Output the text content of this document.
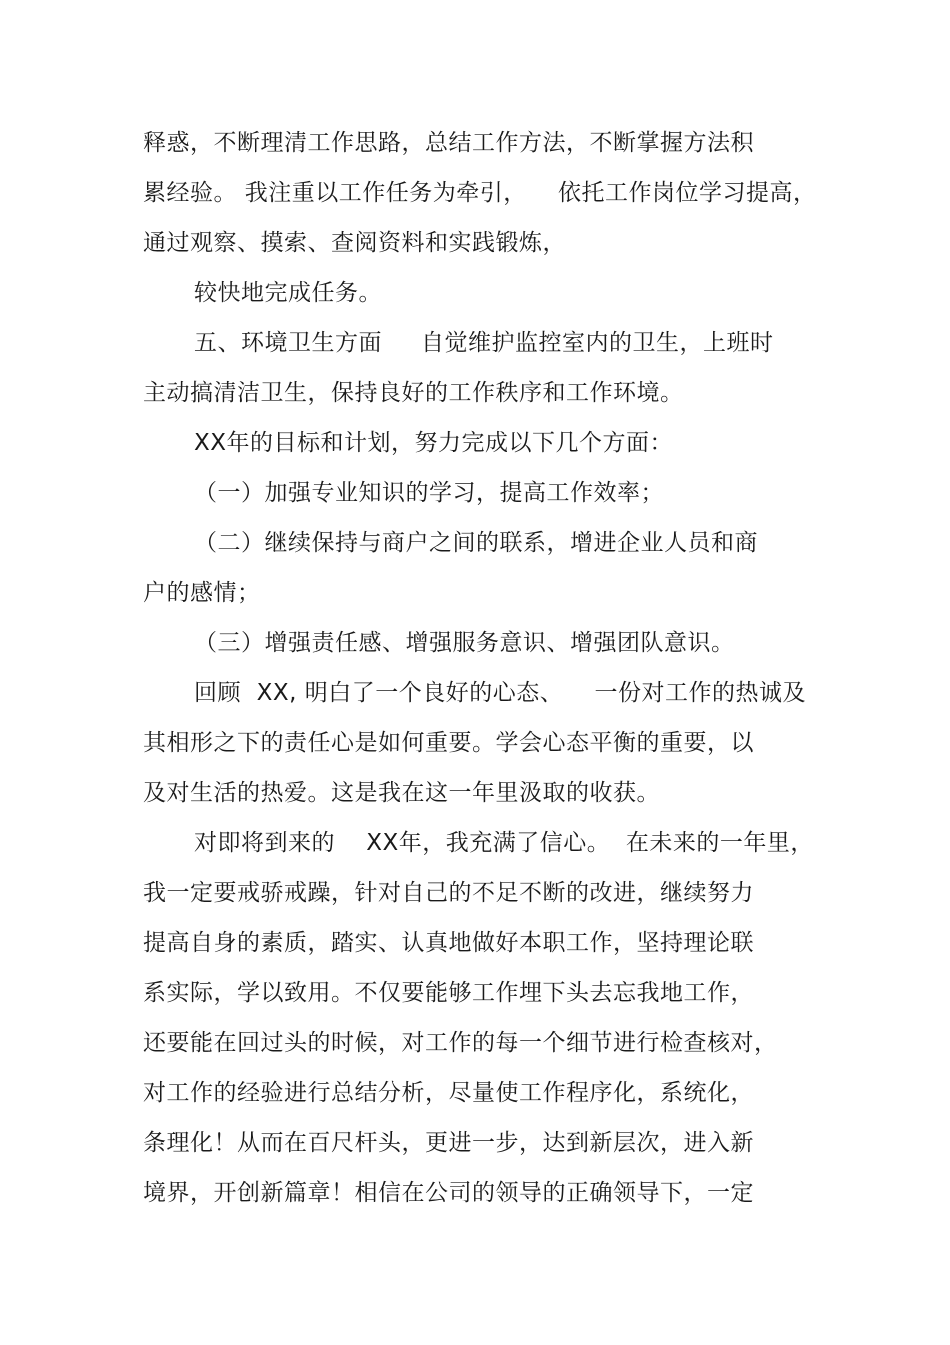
释惑，不断理清工作思路，总结工作方法，不断掌握方法积
累经验。 我注重以工作任务为牵引，    依托工作岗位学习提高，
通过观察、摸索、查阅资料和实践锻炼，
较快地完成任务。
五、环境卫生方面     自觉维护监控室内的卫生，上班时
主动搞清洁卫生，保持良好的工作秩序和工作环境。
XX年的目标和计划，努力完成以下几个方面：
（一）加强专业知识的学习，提高工作效率；
（二）继续保持与商户之间的联系，增进企业人员和商
户的感情；
（三）增强责任感、增强服务意识、增强团队意识。
回顾  XX, 明白了一个良好的心态、    一份对工作的热诚及
其相形之下的责任心是如何重要。学会心态平衡的重要，以
及对生活的热爱。这是我在这一年里汲取的收获。
对即将到来的    XX年，我充满了信心。  在未来的一年里，
我一定要戒骄戒躁，针对自己的不足不断的改进，继续努力
提高自身的素质，踏实、认真地做好本职工作，坚持理论联
系实际，学以致用。不仅要能够工作埋下头去忘我地工作，
还要能在回过头的时候，对工作的每一个细节进行检查核对，
对工作的经验进行总结分析，尽量使工作程序化，系统化，
条理化！从而在百尺杆头，更进一步，达到新层次，进入新
境界，开创新篇章！相信在公司的领导的正确领导下，一定
